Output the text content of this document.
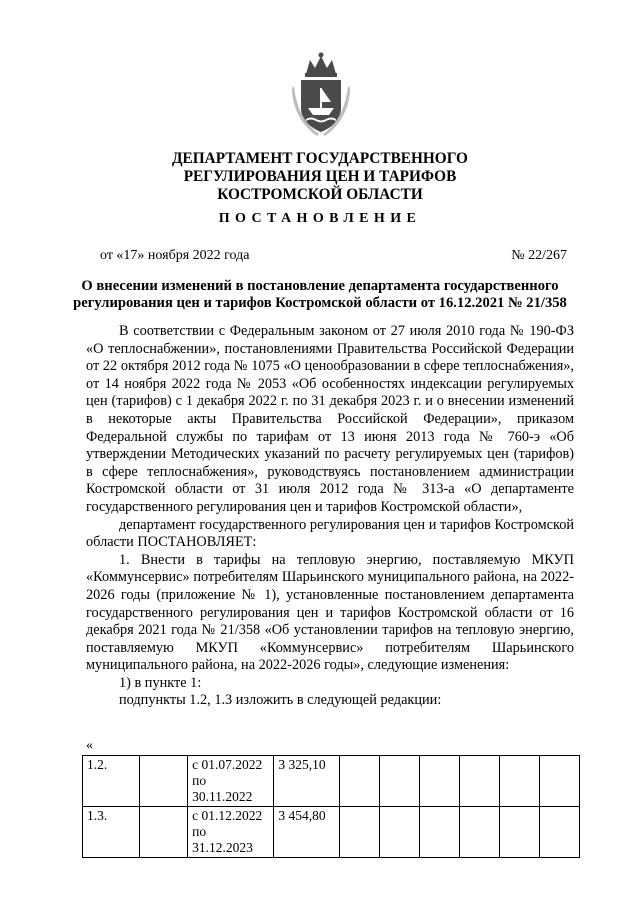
ДЕПАРТАМЕНТ ГОСУДАРСТВЕННОГО
РЕГУЛИРОВАНИЯ ЦЕН И ТАРИФОВ
КОСТРОМСКОЙ ОБЛАСТИ
ПОСТАНОВЛЕНИЕ
от «17» ноября 2022 года	№ 22/267
О внесении изменений в постановление департамента государственного
регулирования цен и тарифов Костромской области от 16.12.2021 № 21/358

В соответствии с Федеральным законом от 27 июля 2010 года № 190-ФЗ «О теплоснабжении», постановлениями Правительства Российской Федерации от 22 октября 2012 года № 1075 «О ценообразовании в сфере теплоснабжения», от 14 ноября 2022 года № 2053 «Об особенностях индексации регулируемых цен (тарифов) с 1 декабря 2022 г. по 31 декабря 2023 г. и о внесении изменений в некоторые акты Правительства Российской Федерации», приказом Федеральной службы по тарифам от 13 июня 2013 года № 760-э «Об утверждении Методических указаний по расчету регулируемых цен (тарифов) в сфере теплоснабжения», руководствуясь постановлением администрации Костромской области от 31 июля 2012 года № 313-а «О департаменте государственного регулирования цен и тарифов Костромской области»,

департамент государственного регулирования цен и тарифов Костромской области ПОСТАНОВЛЯЕТ:

1. Внести в тарифы на тепловую энергию, поставляемую МКУП «Коммунсервис» потребителям Шарьинского муниципального района, на 2022-2026 годы (приложение № 1), установленные постановлением департамента государственного регулирования цен и тарифов Костромской области от 16 декабря 2021 года № 21/358 «Об установлении тарифов на тепловую энергию, поставляемую МКУП «Коммунсервис» потребителям Шарьинского муниципального района, на 2022-2026 годы», следующие изменения:

1) в пункте 1:

подпункты 1.2, 1.3 изложить в следующей редакции:

«
1.2.		с 01.07.2022
по 30.11.2022	3 325,10						
1.3.		с 01.12.2022
по 31.12.2023	3 454,80						
